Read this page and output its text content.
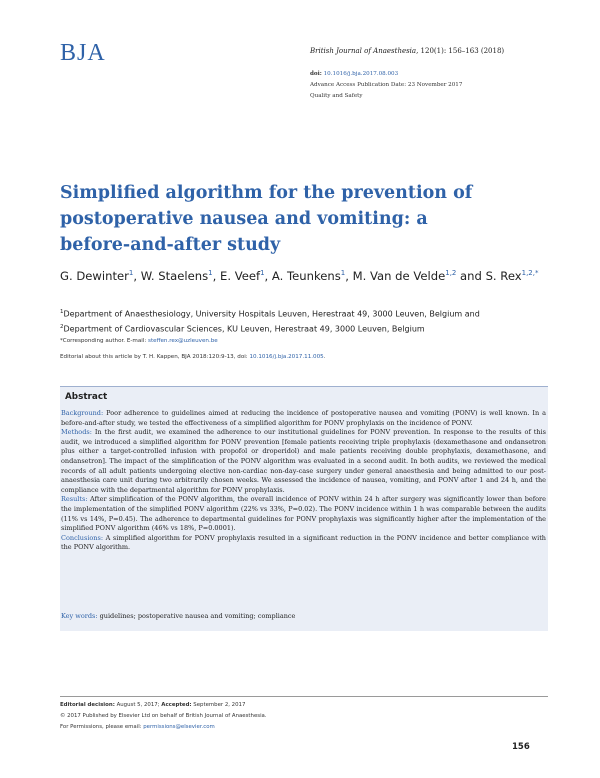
BJA	British Journal of Anaesthesia, 120(1): 156–163 (2018)
doi: 10.1016/j.bja.2017.08.003
Advance Access Publication Date: 23 November 2017
Quality and Safety
Simplified algorithm for the prevention of postoperative nausea and vomiting: a before-and-after study
G. Dewinter$^1$, W. Staelens$^1$, E. Veef$^1$, A. Teunkens$^1$, M. Van de Velde$^{1,2}$ and S. Rex$^{1,2,*}$
$^1$Department of Anaesthesiology, University Hospitals Leuven, Herestraat 49, 3000 Leuven, Belgium and
$^2$Department of Cardiovascular Sciences, KU Leuven, Herestraat 49, 3000 Leuven, Belgium
*Corresponding author. E-mail: steffen.rex@uzleuven.be
Editorial about this article by T. H. Kappen, BJA 2018:120:9-13, doi: 10.1016/j.bja.2017.11.005.
Abstract

Background: Poor adherence to guidelines aimed at reducing the incidence of postoperative nausea and vomiting (PONV) is well known. In a before-and-after study, we tested the effectiveness of a simplified algorithm for PONV prophylaxis on the incidence of PONV.

Methods: In the first audit, we examined the adherence to our institutional guidelines for PONV prevention. In response to the results of this audit, we introduced a simplified algorithm for PONV prevention [female patients receiving triple prophylaxis (dexamethasone and ondansetron plus either a target-controlled infusion with propofol or droperidol) and male patients receiving double prophylaxis, dexamethasone, and ondansetron]. The impact of the simplification of the PONV algorithm was evaluated in a second audit. In both audits, we reviewed the medical records of all adult patients undergoing elective non-cardiac non-day-case surgery under general anaesthesia and being admitted to our post-anaesthesia care unit during two arbitrarily chosen weeks. We assessed the incidence of nausea, vomiting, and PONV after 1 and 24 h, and the compliance with the departmental algorithm for PONV prophylaxis.

Results: After simplification of the PONV algorithm, the overall incidence of PONV within 24 h after surgery was significantly lower than before the implementation of the simplified PONV algorithm (22% vs 33%, P=0.02). The PONV incidence within 1 h was comparable between the audits (11% vs 14%, P=0.45). The adherence to departmental guidelines for PONV prophylaxis was significantly higher after the implementation of the simplified PONV algorithm (46% vs 18%, P=0.0001).

Conclusions: A simplified algorithm for PONV prophylaxis resulted in a significant reduction in the PONV incidence and better compliance with the PONV algorithm.

Key words: guidelines; postoperative nausea and vomiting; compliance
Editorial decision: August 5, 2017; Accepted: September 2, 2017
© 2017 Published by Elsevier Ltd on behalf of British Journal of Anaesthesia.
For Permissions, please email: permissions@elsevier.com
156
